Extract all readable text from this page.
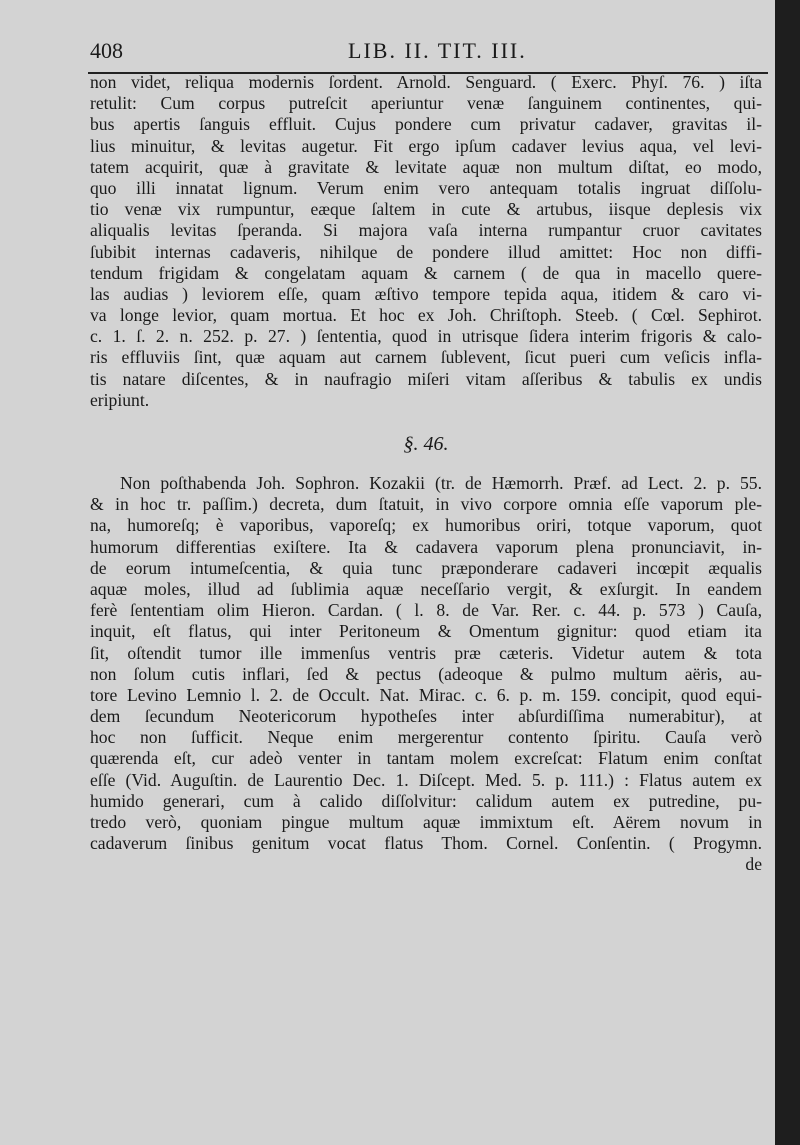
408	LIB. II. TIT. III.
non videt, reliqua modernis ſordent. Arnold. Senguard. ( Exerc. Phyſ. 76. ) iſta
retulit: Cum corpus putreſcit aperiuntur venæ ſanguinem continentes, qui-
bus apertis ſanguis effluit. Cujus pondere cum privatur cadaver, gravitas il-
lius minuitur, & levitas augetur. Fit ergo ipſum cadaver levius aqua, vel levi-
tatem acquirit, quæ à gravitate & levitate aquæ non multum diſtat, eo modo,
quo illi innatat lignum. Verum enim vero antequam totalis ingruat diſſolu-
tio venæ vix rumpuntur, eæque ſaltem in cute & artubus, iisque deplesis vix
aliqualis levitas ſperanda. Si majora vaſa interna rumpantur cruor cavitates
ſubibit internas cadaveris, nihilque de pondere illud amittet: Hoc non diffi-
tendum frigidam & congelatam aquam & carnem ( de qua in macello quere-
las audias ) leviorem eſſe, quam æſtivo tempore tepida aqua, itidem & caro vi-
va longe levior, quam mortua. Et hoc ex Joh. Chriſtoph. Steeb. ( Cœl. Sephirot.
c. 1. ſ. 2. n. 252. p. 27. ) ſententia, quod in utrisque ſidera interim frigoris & calo-
ris effluviis ſint, quæ aquam aut carnem ſublevent, ſicut pueri cum veſicis infla-
tis natare diſcentes, & in naufragio miſeri vitam aſſeribus & tabulis ex undis
eripiunt.
§. 46.
Non poſthabenda Joh. Sophron. Kozakii (tr. de Hæmorrh. Præf. ad Lect. 2. p. 55.
& in hoc tr. paſſim.) decreta, dum ſtatuit, in vivo corpore omnia eſſe vaporum ple-
na, humoreſq; è vaporibus, vaporeſq; ex humoribus oriri, totque vaporum, quot
humorum differentias exiſtere. Ita & cadavera vaporum plena pronunciavit, in-
de eorum intumeſcentia, & quia tunc præponderare cadaveri incœpit æqualis
aquæ moles, illud ad ſublimia aquæ neceſſario vergit, & exſurgit. In eandem
ferè ſententiam olim Hieron. Cardan. ( l. 8. de Var. Rer. c. 44. p. 573 ) Cauſa,
inquit, eſt flatus, qui inter Peritoneum & Omentum gignitur: quod etiam ita
ſit, oſtendit tumor ille immenſus ventris præ cæteris. Videtur autem & tota
non ſolum cutis inflari, ſed & pectus (adeoque & pulmo multum aëris, au-
tore Levino Lemnio l. 2. de Occult. Nat. Mirac. c. 6. p. m. 159. concipit, quod equi-
dem ſecundum Neotericorum hypotheſes inter abſurdiſſima numerabitur), at
hoc non ſufficit. Neque enim mergerentur contento ſpiritu. Cauſa verò
quærenda eſt, cur adeò venter in tantam molem excreſcat: Flatum enim conſtat
eſſe (Vid. Auguſtin. de Laurentio Dec. 1. Diſcept. Med. 5. p. 111.) : Flatus autem ex
humido generari, cum à calido diſſolvitur: calidum autem ex putredine, pu-
tredo verò, quoniam pingue multum aquæ immixtum eſt. Aërem novum in
cadaverum ſinibus genitum vocat flatus Thom. Cornel. Conſentin. ( Progymn.
de
